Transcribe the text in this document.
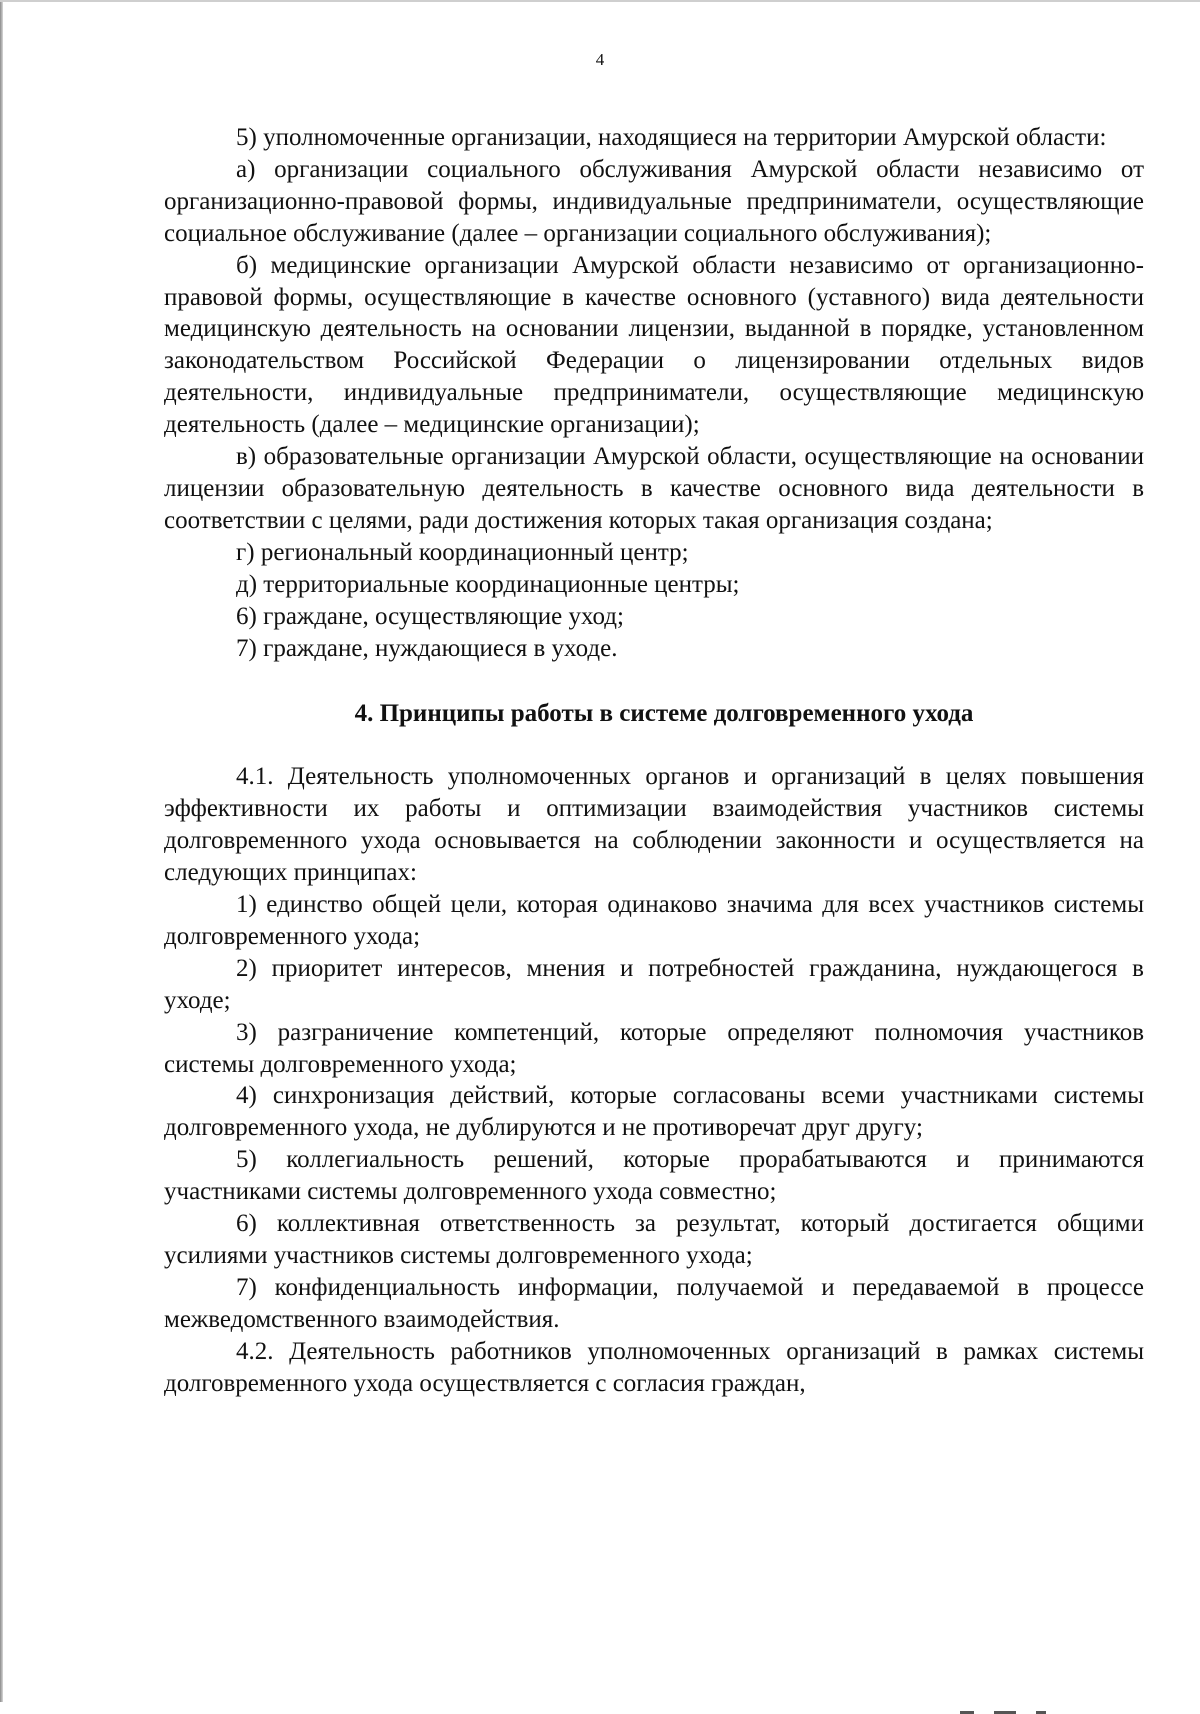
4

5) уполномоченные организации, находящиеся на территории Амурской области:

а) организации социального обслуживания Амурской области независимо от организационно-правовой формы, индивидуальные предприниматели, осуществляющие социальное обслуживание (далее – организации социального обслуживания);

б) медицинские организации Амурской области независимо от организационно-правовой формы, осуществляющие в качестве основного (уставного) вида деятельности медицинскую деятельность на основании лицензии, выданной в порядке, установленном законодательством Российской Федерации о лицензировании отдельных видов деятельности, индивидуальные предприниматели, осуществляющие медицинскую деятельность (далее – медицинские организации);

в) образовательные организации Амурской области, осуществляющие на основании лицензии образовательную деятельность в качестве основного вида деятельности в соответствии с целями, ради достижения которых такая организация создана;

г) региональный координационный центр;

д) территориальные координационные центры;

6) граждане, осуществляющие уход;

7) граждане, нуждающиеся в уходе.

4. Принципы работы в системе долговременного ухода

4.1. Деятельность уполномоченных органов и организаций в целях повышения эффективности их работы и оптимизации взаимодействия участников системы долговременного ухода основывается на соблюдении законности и осуществляется на следующих принципах:

1) единство общей цели, которая одинаково значима для всех участников системы долговременного ухода;

2) приоритет интересов, мнения и потребностей гражданина, нуждающегося в уходе;

3) разграничение компетенций, которые определяют полномочия участников системы долговременного ухода;

4) синхронизация действий, которые согласованы всеми участниками системы долговременного ухода, не дублируются и не противоречат друг другу;

5) коллегиальность решений, которые прорабатываются и принимаются участниками системы долговременного ухода совместно;

6) коллективная ответственность за результат, который достигается общими усилиями участников системы долговременного ухода;

7) конфиденциальность информации, получаемой и передаваемой в процессе межведомственного взаимодействия.

4.2. Деятельность работников уполномоченных организаций в рамках системы долговременного ухода осуществляется с согласия граждан,
